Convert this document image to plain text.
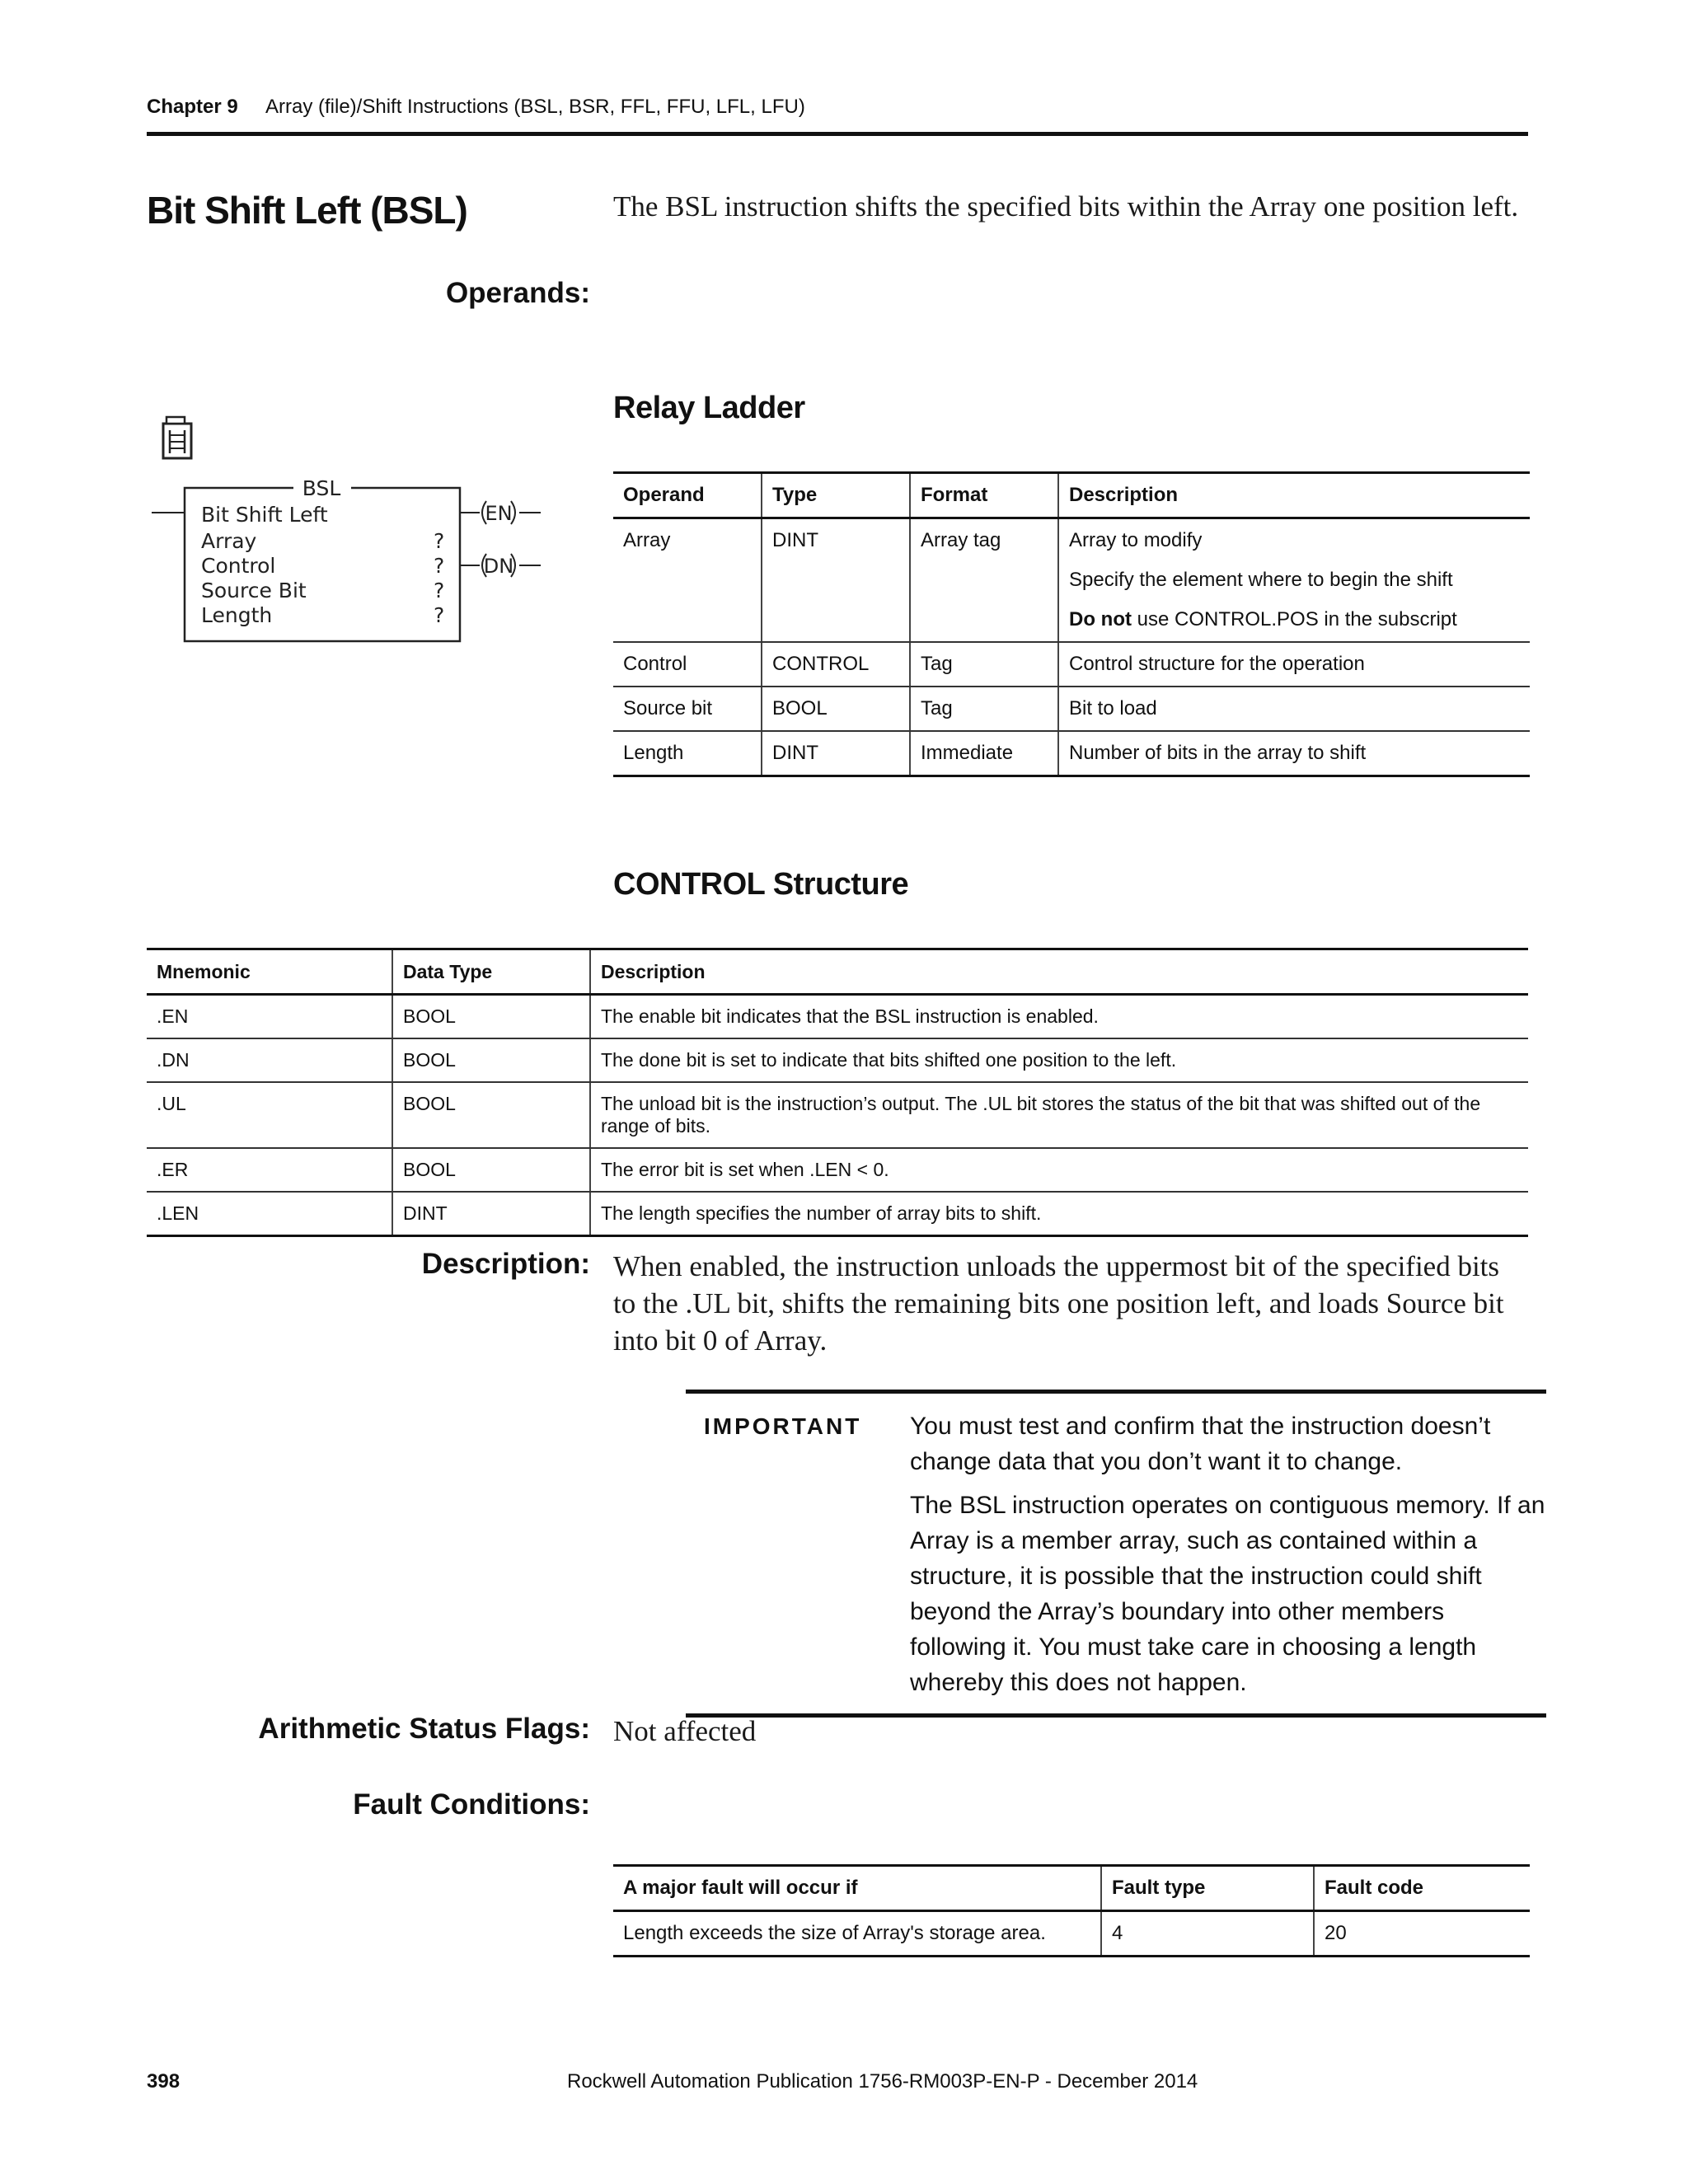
Chapter 9 Array (file)/Shift Instructions (BSL, BSR, FFL, FFU, LFL, LFU)
Bit Shift Left (BSL)	The BSL instruction shifts the specified bits within the Array one position left.
Operands:
BSL
Bit Shift Left
Array
Control
Source Bit
Length
?
?
?
?
EN
DN
Relay Ladder
Operand	Type	Format	Description
Array	DINT	Array tag	Array to modify

Specify the element where to begin the shift

Do not use CONTROL.POS in the subscript

Control	CONTROL	Tag	Control structure for the operation
Source bit	BOOL	Tag	Bit to load
Length	DINT	Immediate	Number of bits in the array to shift
CONTROL Structure
Mnemonic	Data Type	Description
.EN	BOOL	The enable bit indicates that the BSL instruction is enabled.
.DN	BOOL	The done bit is set to indicate that bits shifted one position to the left.
.UL	BOOL	The unload bit is the instruction’s output. The .UL bit stores the status of the bit that was shifted out of the range of bits.
.ER	BOOL	The error bit is set when .LEN < 0.
.LEN	DINT	The length specifies the number of array bits to shift.
Description: When enabled, the instruction unloads the uppermost bit of the specified bits to the .UL bit, shifts the remaining bits one position left, and loads Source bit into bit 0 of Array.
IMPORTANT You must test and confirm that the instruction doesn’t change data that you don’t want it to change.

The BSL instruction operates on contiguous memory. If an Array is a member array, such as contained within a structure, it is possible that the instruction could shift beyond the Array’s boundary into other members following it. You must take care in choosing a length whereby this does not happen.

Arithmetic Status Flags: Not affected
Fault Conditions:
A major fault will occur if	Fault type	Fault code
Length exceeds the size of Array's storage area.	4	20
398	Rockwell Automation Publication 1756-RM003P-EN-P - December 2014
